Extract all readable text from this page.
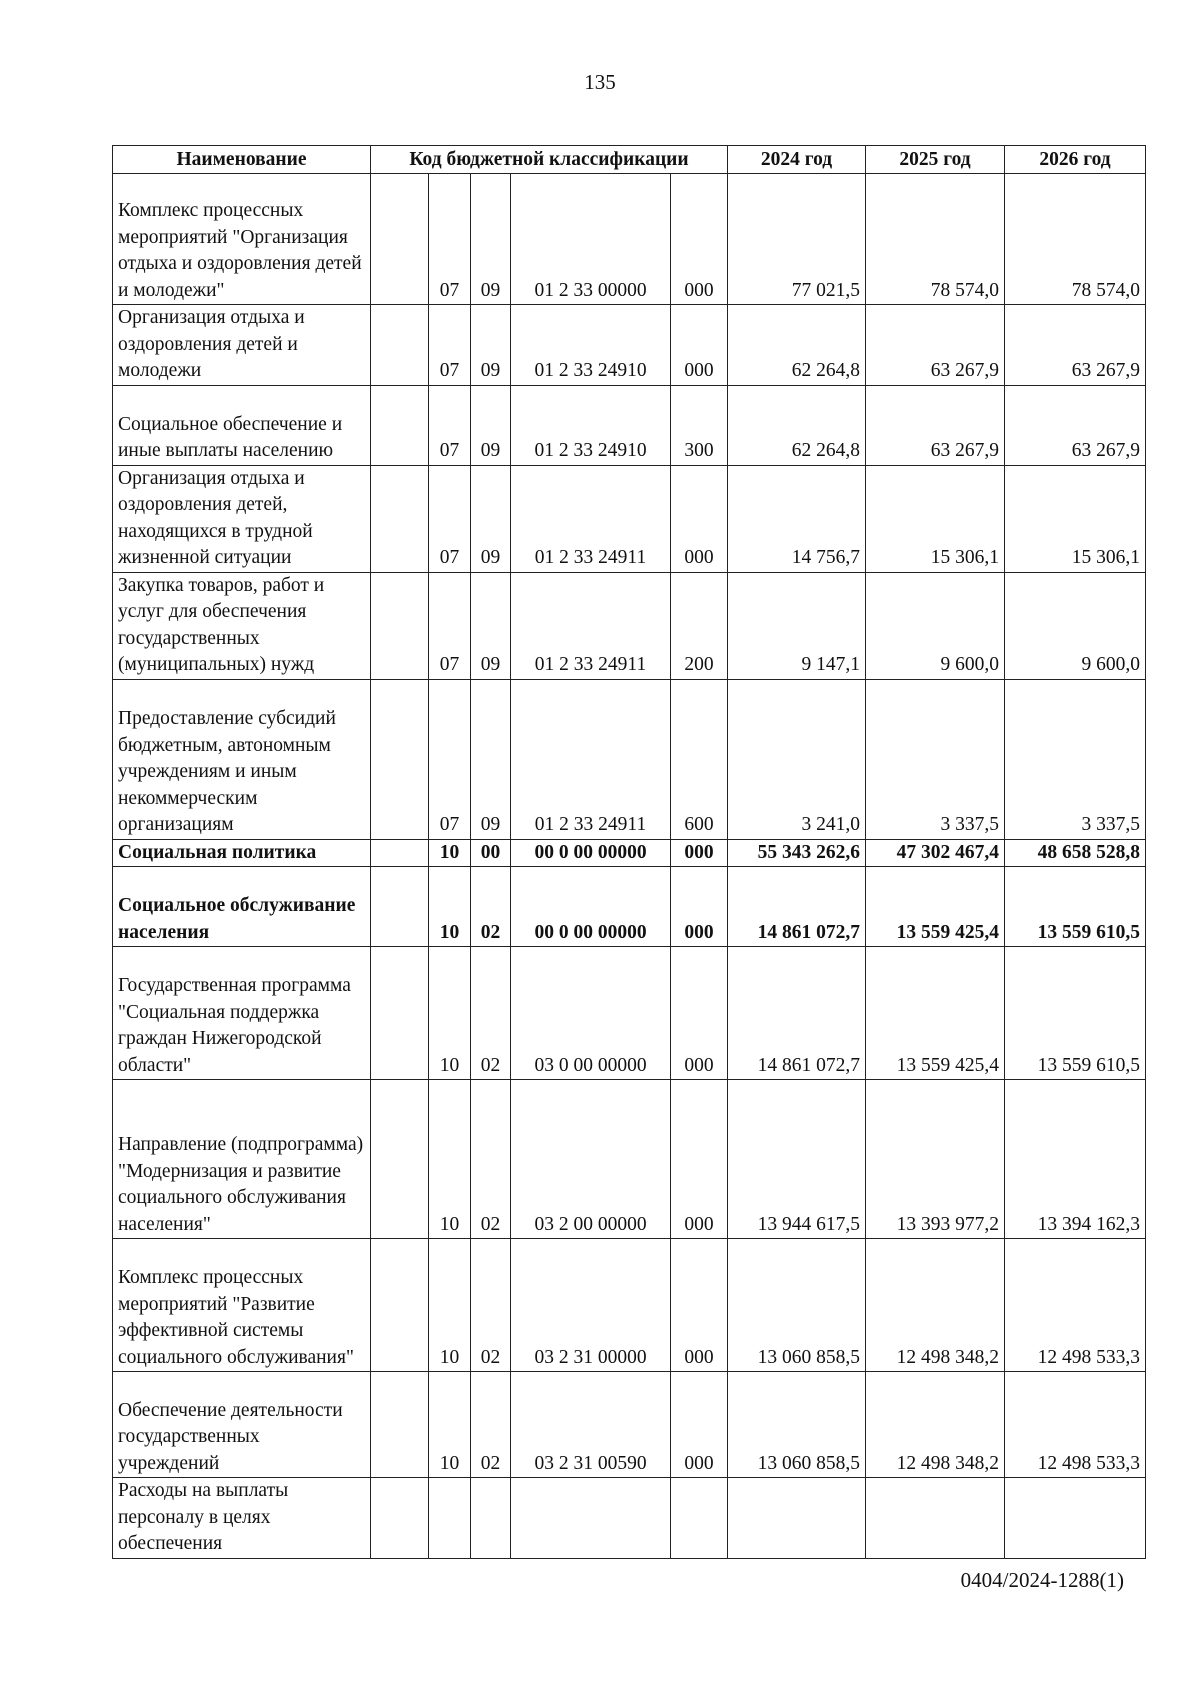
135
Наименование	Код бюджетной классификации					2024 год	2025 год	2026 год
Комплекс процессных мероприятий "Организация отдыха и оздоровления детей и молодежи"		07	09	01 2 33 00000	000	77 021,5	78 574,0	78 574,0
Организация отдыха и оздоровления детей и молодежи		07	09	01 2 33 24910	000	62 264,8	63 267,9	63 267,9
Социальное обеспечение и иные выплаты населению		07	09	01 2 33 24910	300	62 264,8	63 267,9	63 267,9
Организация отдыха и оздоровления детей, находящихся в трудной жизненной ситуации		07	09	01 2 33 24911	000	14 756,7	15 306,1	15 306,1
Закупка товаров, работ и услуг для обеспечения государственных (муниципальных) нужд		07	09	01 2 33 24911	200	9 147,1	9 600,0	9 600,0
Предоставление субсидий бюджетным, автономным учреждениям и иным некоммерческим организациям		07	09	01 2 33 24911	600	3 241,0	3 337,5	3 337,5
Социальная политика		10	00	00 0 00 00000	000	55 343 262,6	47 302 467,4	48 658 528,8
Социальное обслуживание населения		10	02	00 0 00 00000	000	14 861 072,7	13 559 425,4	13 559 610,5
Государственная программа "Социальная поддержка граждан Нижегородской области"		10	02	03 0 00 00000	000	14 861 072,7	13 559 425,4	13 559 610,5
Направление (подпрограмма) "Модернизация и развитие социального обслуживания населения"		10	02	03 2 00 00000	000	13 944 617,5	13 393 977,2	13 394 162,3
Комплекс процессных мероприятий "Развитие эффективной системы социального обслуживания"		10	02	03 2 31 00000	000	13 060 858,5	12 498 348,2	12 498 533,3
Обеспечение деятельности государственных учреждений		10	02	03 2 31 00590	000	13 060 858,5	12 498 348,2	12 498 533,3
Расходы на выплаты персоналу в целях обеспечения								
0404/2024-1288(1)
